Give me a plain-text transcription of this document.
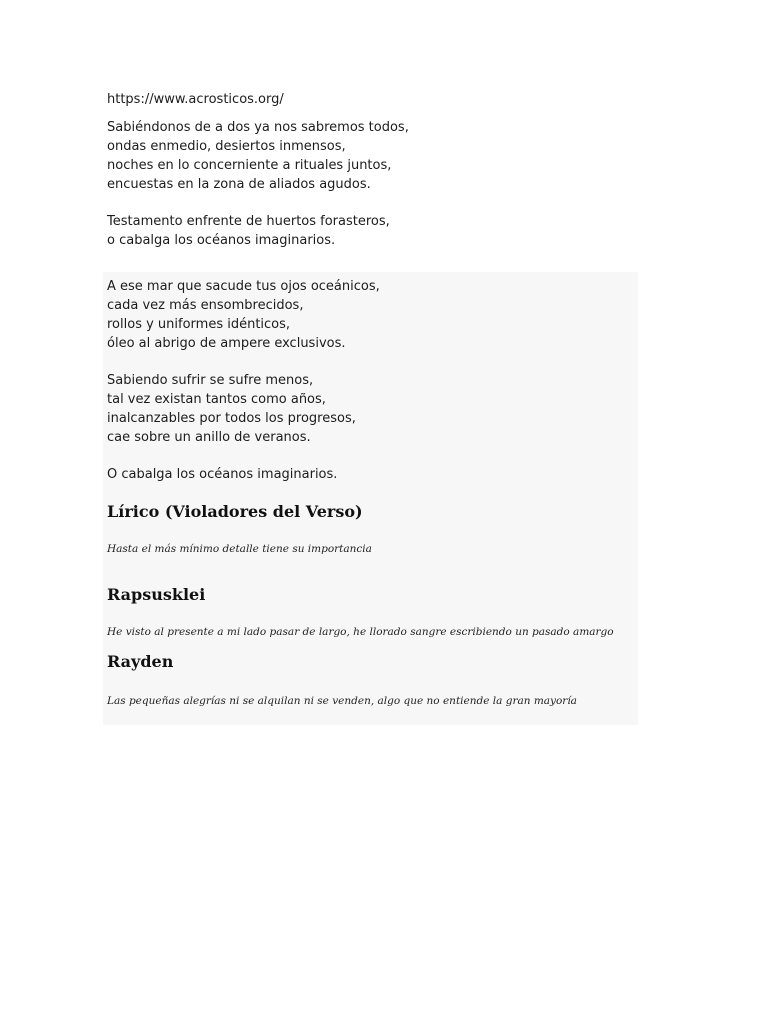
https://www.acrosticos.org/
Sabiéndonos de a dos ya nos sabremos todos,
ondas enmedio, desiertos inmensos,
noches en lo concerniente a rituales juntos,
encuestas en la zona de aliados agudos.
Testamento enfrente de huertos forasteros,
o cabalga los océanos imaginarios.
A ese mar que sacude tus ojos oceánicos,
cada vez más ensombrecidos,
rollos y uniformes idénticos,
óleo al abrigo de ampere exclusivos.
Sabiendo sufrir se sufre menos,
tal vez existan tantos como años,
inalcanzables por todos los progresos,
cae sobre un anillo de veranos.
O cabalga los océanos imaginarios.
Lírico (Violadores del Verso)
Hasta el más mínimo detalle tiene su importancia
Rapsusklei
He visto al presente a mi lado pasar de largo, he llorado sangre escribiendo un pasado amargo
Rayden
Las pequeñas alegrías ni se alquilan ni se venden, algo que no entiende la gran mayoría
